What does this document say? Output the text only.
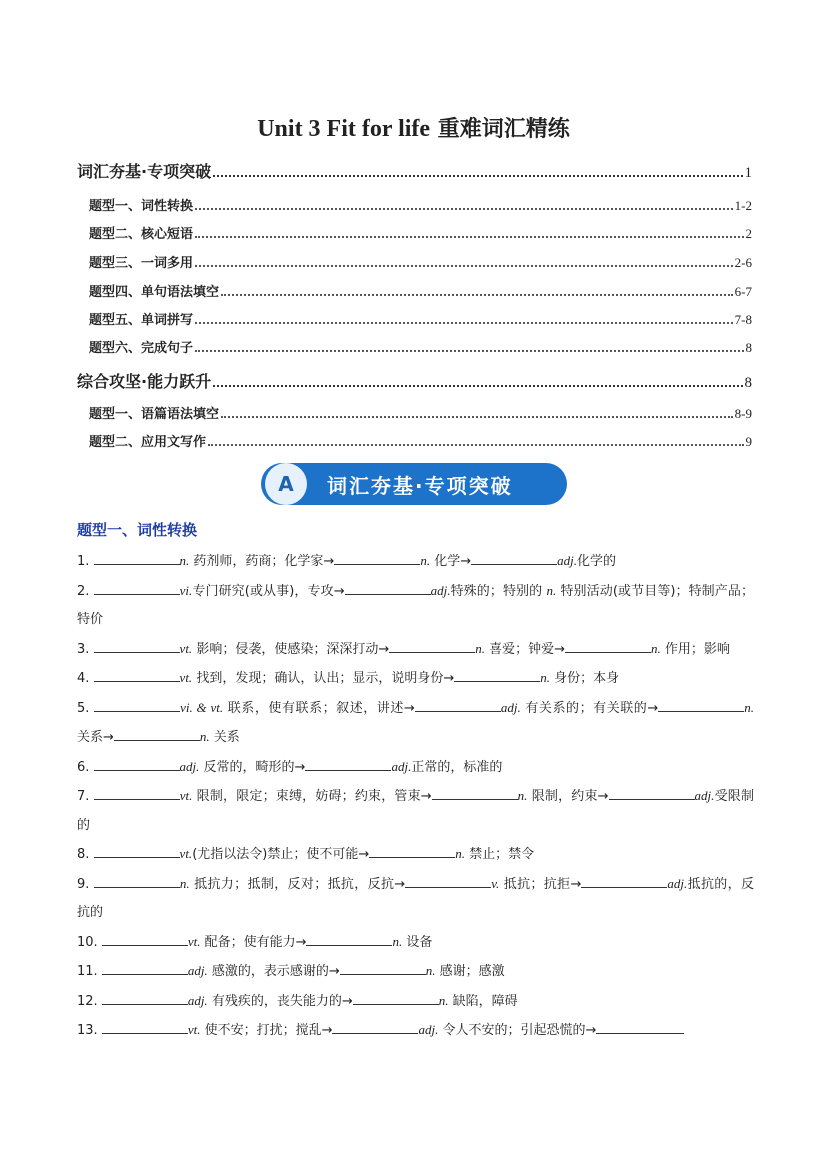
Unit 3 Fit for life 重难词汇精练
词汇夯基·专项突破	1
题型一、词性转换	1-2
题型二、核心短语	2
题型三、一词多用	2-6
题型四、单句语法填空	6-7
题型五、单词拼写	7-8
题型六、完成句子	8
综合攻坚·能力跃升	8
题型一、语篇语法填空	8-9
题型二、应用文写作	9
A	词汇夯基·专项突破
题型一、词性转换
1.	n. 药剂师，药商；化学家→	n. 化学→	adj.化学的
2.	vi.专门研究(或从事)，专攻→	adj.特殊的；特别的 n. 特别活动(或节目等)；特制产品；特价
3.	vt. 影响；侵袭，使感染；深深打动→	n. 喜爱；钟爱→	n. 作用；影响
4.	vt. 找到，发现；确认，认出；显示，说明身份→	n. 身份；本身
5.	vi. & vt. 联系，使有联系；叙述，讲述→	adj. 有关系的；有关联的→	n. 关系→	n. 关系
6.	adj. 反常的，畸形的→	adj.正常的，标准的
7.	vt. 限制，限定；束缚，妨碍；约束，管束→	n. 限制，约束→	adj.受限制的
8.	vt.(尤指以法令)禁止；使不可能→	n. 禁止；禁令
9.	n. 抵抗力；抵制，反对；抵抗，反抗→	v. 抵抗；抗拒→	adj.抵抗的，反抗的
10.	vt. 配备；使有能力→	n. 设备
11.	adj. 感激的，表示感谢的→	n. 感谢；感激
12.	adj. 有残疾的，丧失能力的→	n. 缺陷，障碍
13.	vt. 使不安；打扰；搅乱→	adj. 令人不安的；引起恐慌的→
